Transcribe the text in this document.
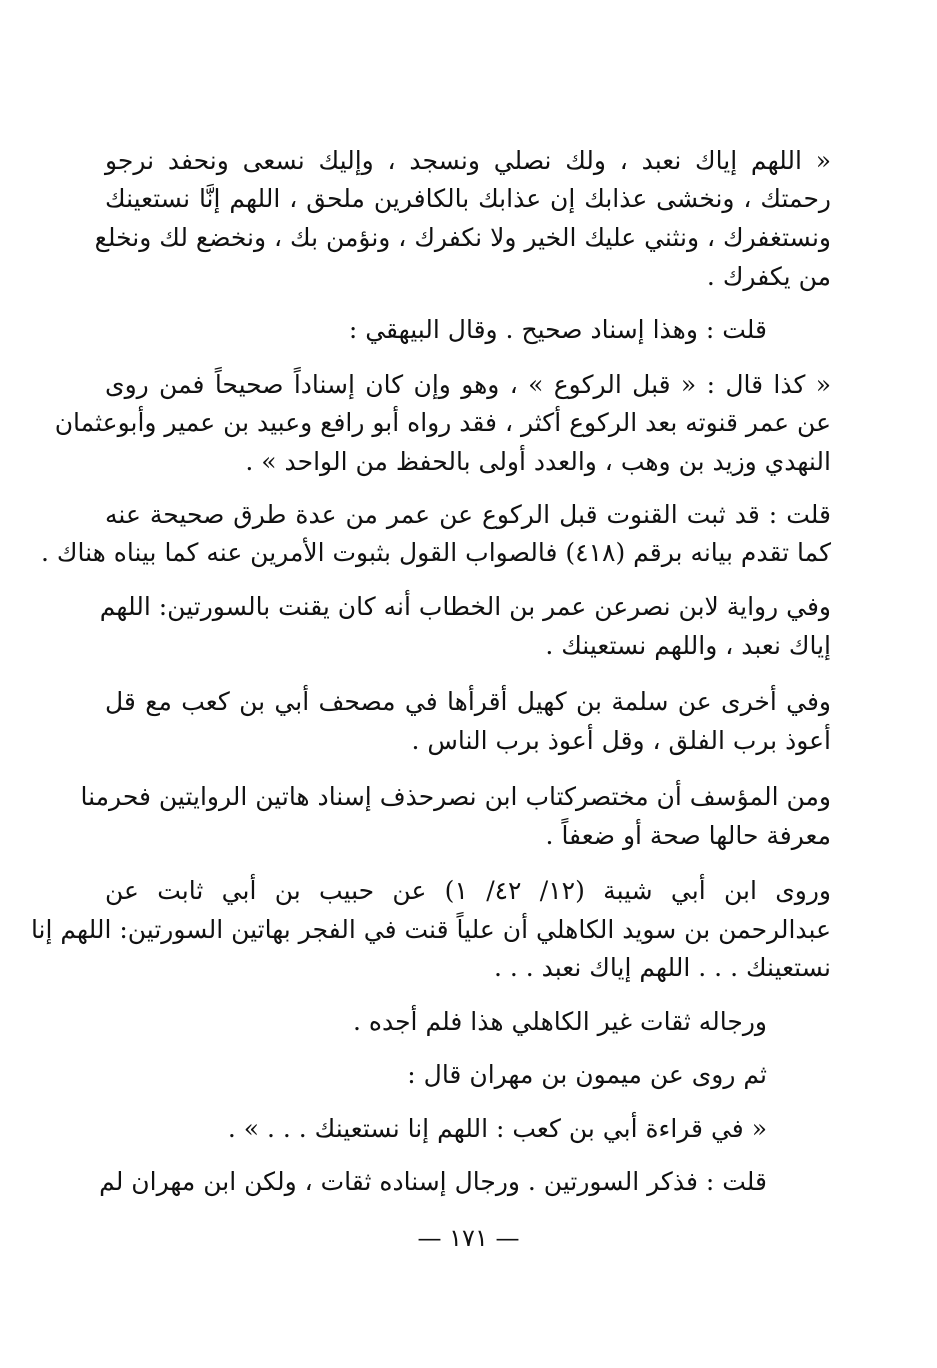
« اللهم إياك نعبد ، ولك نصلي ونسجد ، وإليك نسعى ونحفد نرجو
رحمتك ، ونخشى عذابك إن عذابك بالكافرين ملحق ، اللهم إنَّا نستعينك
ونستغفرك ، ونثني عليك الخير ولا نكفرك ، ونؤمن بك ، ونخضع لك ونخلع
من يكفرك .
قلت : وهذا إسناد صحيح . وقال البيهقي :
« كذا قال : « قبل الركوع » ، وهو وإن كان إسناداً صحيحاً فمن روى
عن عمر قنوته بعد الركوع أكثر ، فقد رواه أبو رافع وعبيد بن عمير وأبوعثمان
النهدي وزيد بن وهب ، والعدد أولى بالحفظ من الواحد » .
قلت : قد ثبت القنوت قبل الركوع عن عمر من عدة طرق صحيحة عنه
كما تقدم بيانه برقم (٤١٨) فالصواب القول بثبوت الأمرين عنه كما بيناه هناك .
وفي رواية لابن نصرعن عمر بن الخطاب أنه كان يقنت بالسورتين: اللهم
إياك نعبد ، واللهم نستعينك .
وفي أخرى عن سلمة بن كهيل أقرأها في مصحف أبي بن كعب مع قل
أعوذ برب الفلق ، وقل أعوذ برب الناس .
ومن المؤسف أن مختصركتاب ابن نصرحذف إسناد هاتين الروايتين فحرمنا
معرفة حالها صحة أو ضعفاً .
وروى ابن أبي شيبة (١٢/ ٤٢/ ١) عن حبيب بن أبي ثابت عن
عبدالرحمن بن سويد الكاهلي أن علياً قنت في الفجر بهاتين السورتين: اللهم إنا
نستعينك . . . اللهم إياك نعبد . . .
ورجاله ثقات غير الكاهلي هذا فلم أجده .
ثم روى عن ميمون بن مهران قال :
« في قراءة أبي بن كعب : اللهم إنا نستعينك . . . » .
قلت : فذكر السورتين . ورجال إسناده ثقات ، ولكن ابن مهران لم
— ١٧١ —
